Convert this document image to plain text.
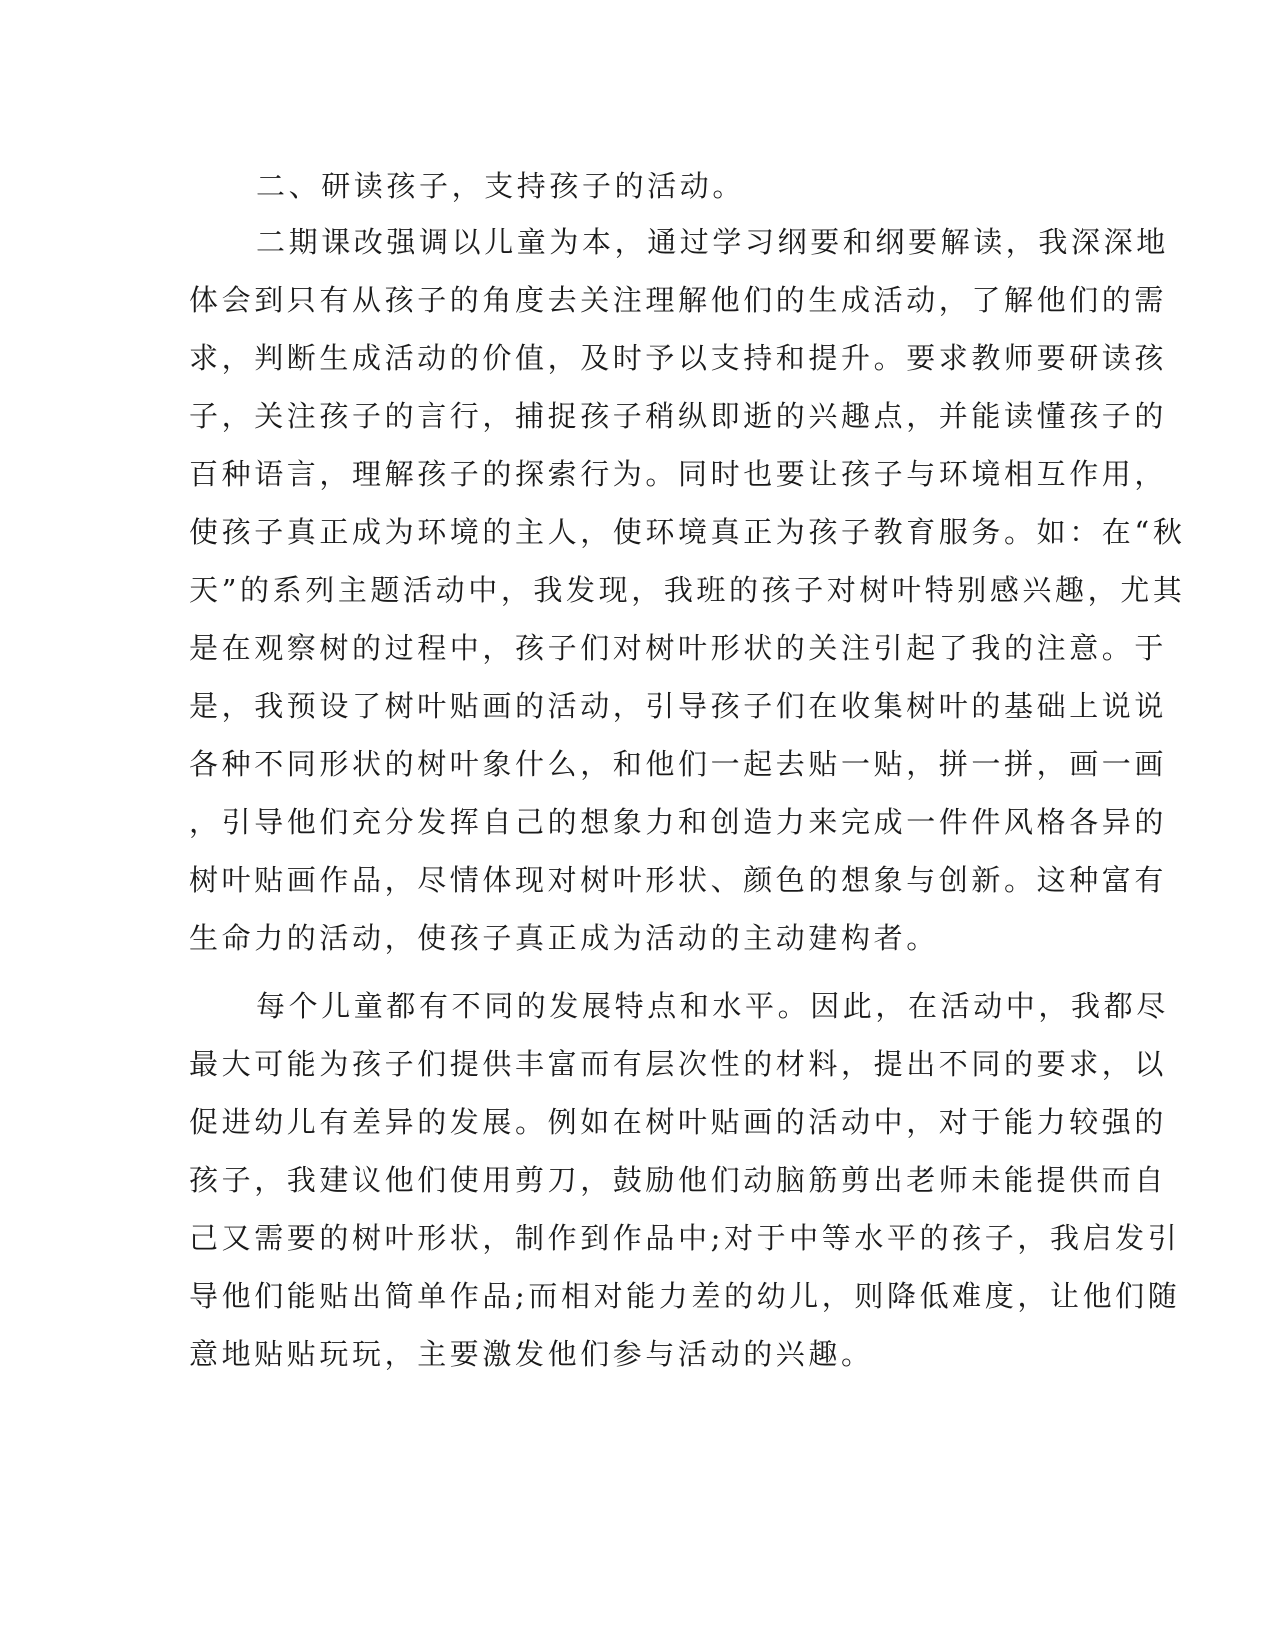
二、研读孩子，支持孩子的活动。
二期课改强调以儿童为本，通过学习纲要和纲要解读，我深深地
体会到只有从孩子的角度去关注理解他们的生成活动，了解他们的需
求，判断生成活动的价值，及时予以支持和提升。要求教师要研读孩
子，关注孩子的言行，捕捉孩子稍纵即逝的兴趣点，并能读懂孩子的
百种语言，理解孩子的探索行为。同时也要让孩子与环境相互作用，
使孩子真正成为环境的主人，使环境真正为孩子教育服务。如：在“秋
天”的系列主题活动中，我发现，我班的孩子对树叶特别感兴趣，尤其
是在观察树的过程中，孩子们对树叶形状的关注引起了我的注意。于
是，我预设了树叶贴画的活动，引导孩子们在收集树叶的基础上说说
各种不同形状的树叶象什么，和他们一起去贴一贴，拼一拼，画一画
，引导他们充分发挥自己的想象力和创造力来完成一件件风格各异的
树叶贴画作品，尽情体现对树叶形状、颜色的想象与创新。这种富有
生命力的活动，使孩子真正成为活动的主动建构者。
每个儿童都有不同的发展特点和水平。因此，在活动中，我都尽
最大可能为孩子们提供丰富而有层次性的材料，提出不同的要求，以
促进幼儿有差异的发展。例如在树叶贴画的活动中，对于能力较强的
孩子，我建议他们使用剪刀，鼓励他们动脑筋剪出老师未能提供而自
己又需要的树叶形状，制作到作品中;对于中等水平的孩子，我启发引
导他们能贴出简单作品;而相对能力差的幼儿，则降低难度，让他们随
意地贴贴玩玩，主要激发他们参与活动的兴趣。
